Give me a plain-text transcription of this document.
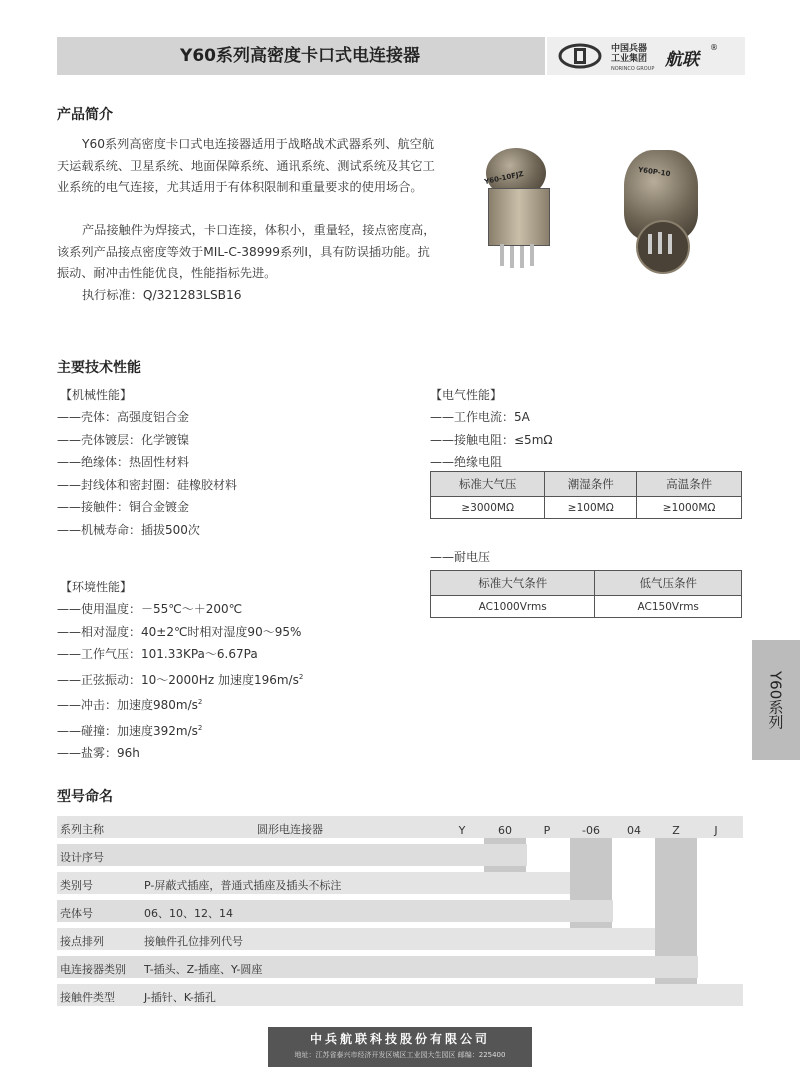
Y60系列高密度卡口式电连接器	中国兵器
工业集团
NORINCO GROUP 航联
®
产品简介

Y60系列高密度卡口式电连接器适用于战略战术武器系列、航空航天运载系统、卫星系统、地面保障系统、通讯系统、测试系统及其它工业系统的电气连接，尤其适用于有体积限制和重量要求的使用场合。

产品接触件为焊接式，卡口连接，体积小，重量轻，接点密度高，该系列产品接点密度等效于MIL-C-38999系列Ⅰ，具有防误插功能。抗振动、耐冲击性能优良，性能指标先进。

执行标准：Q/321283LSB16

Y60-10FJZ	Y60P-10
主要技术性能
【机械性能】
——壳体：高强度铝合金
——壳体镀层：化学镀镍
——绝缘体：热固性材料
——封线体和密封圈：硅橡胶材料
——接触件：铜合金镀金
——机械寿命：插拔500次
【电气性能】
——工作电流：5A
——接触电阻：≤5mΩ
——绝缘电阻
标准大气压	潮湿条件	高温条件
≥3000MΩ	≥100MΩ	≥1000MΩ
——耐电压
标准大气条件	低气压条件
AC1000Vrms	AC150Vrms
【环境性能】
——使用温度：－55℃～＋200℃
——相对湿度：40±2℃时相对湿度90～95%
——工作气压：101.33KPa～6.67Pa
——正弦振动：10～2000Hz 加速度$196m/s^2$
——冲击：加速度$980m/s^2$
——碰撞：加速度$392m/s^2$
——盐雾：96h
Y60系列
型号命名
系列主称	圆形电连接器	Y	60	P	-06	04	Z	J
设计序号
类别号	P-屏蔽式插座，普通式插座及插头不标注
壳体号	06、10、12、14
接点排列	接触件孔位排列代号
电连接器类别 T-插头、Z-插座、Y-圆座
接触件类型	J-插针、K-插孔
中兵航联科技股份有限公司
地址：江苏省泰兴市经济开发区城区工业园大生园区 邮编：225400
